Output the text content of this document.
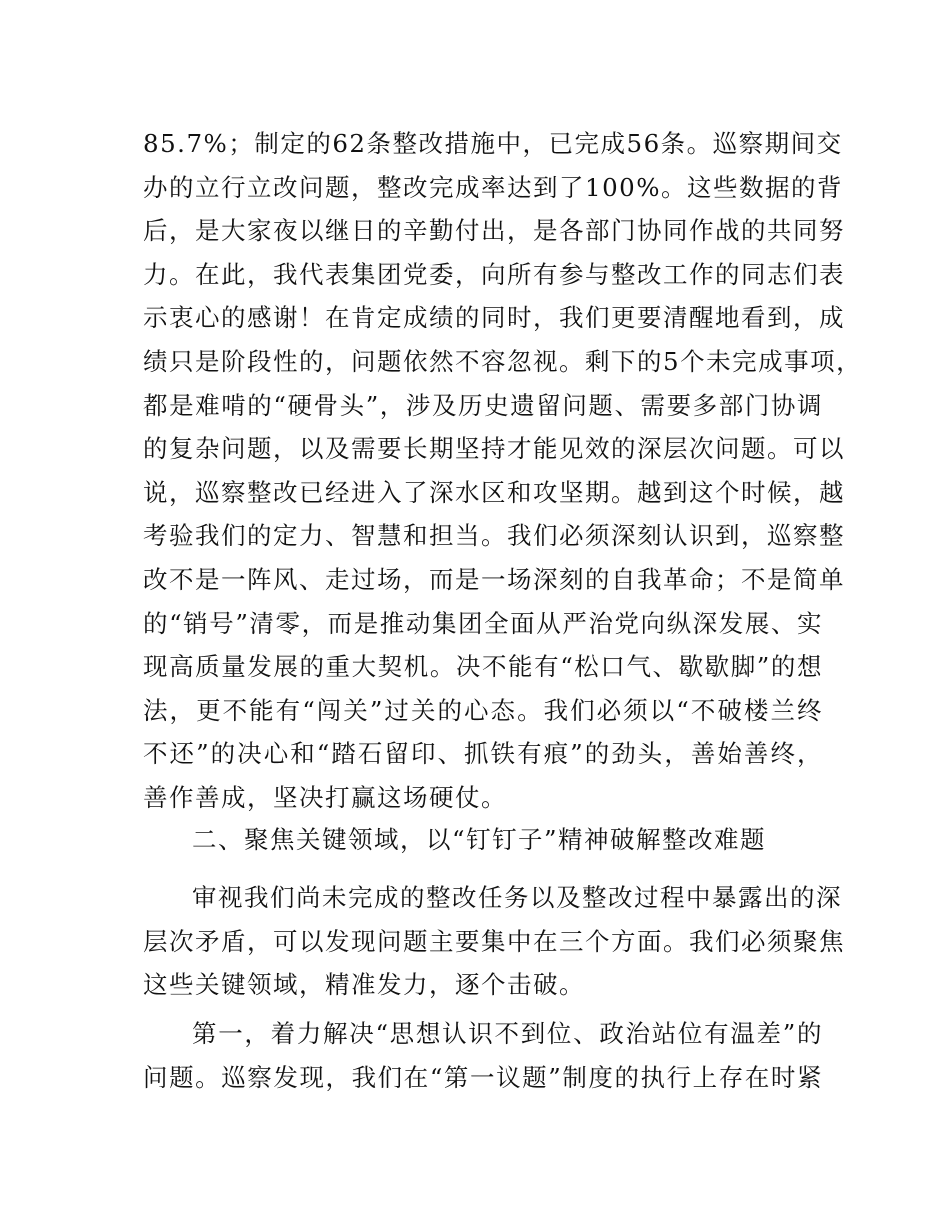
85.7%；制定的62条整改措施中，已完成56条。巡察期间交
办的立行立改问题，整改完成率达到了100%。这些数据的背
后，是大家夜以继日的辛勤付出，是各部门协同作战的共同努
力。在此，我代表集团党委，向所有参与整改工作的同志们表
示衷心的感谢！在肯定成绩的同时，我们更要清醒地看到，成
绩只是阶段性的，问题依然不容忽视。剩下的5个未完成事项，
都是难啃的“硬骨头”，涉及历史遗留问题、需要多部门协调
的复杂问题，以及需要长期坚持才能见效的深层次问题。可以
说，巡察整改已经进入了深水区和攻坚期。越到这个时候，越
考验我们的定力、智慧和担当。我们必须深刻认识到，巡察整
改不是一阵风、走过场，而是一场深刻的自我革命；不是简单
的“销号”清零，而是推动集团全面从严治党向纵深发展、实
现高质量发展的重大契机。决不能有“松口气、歇歇脚”的想
法，更不能有“闯关”过关的心态。我们必须以“不破楼兰终
不还”的决心和“踏石留印、抓铁有痕”的劲头，善始善终，
善作善成，坚决打赢这场硬仗。
二、聚焦关键领域，以“钉钉子”精神破解整改难题
审视我们尚未完成的整改任务以及整改过程中暴露出的深
层次矛盾，可以发现问题主要集中在三个方面。我们必须聚焦
这些关键领域，精准发力，逐个击破。
第一，着力解决“思想认识不到位、政治站位有温差”的
问题。巡察发现，我们在“第一议题”制度的执行上存在时紧
